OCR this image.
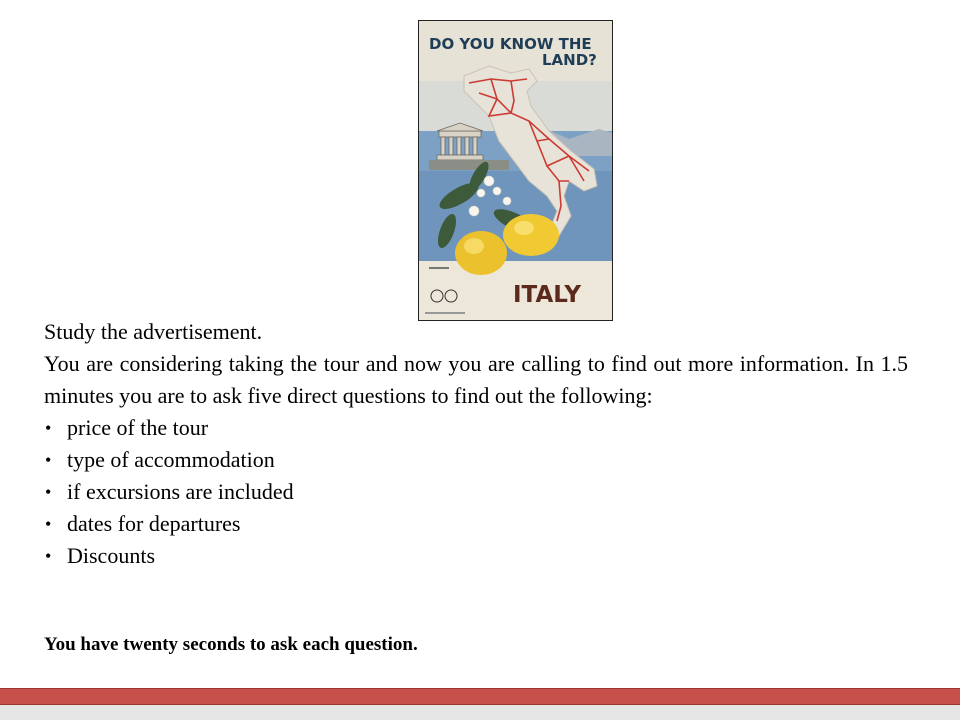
DO YOU KNOW THE
LAND?
ITALY

Study the advertisement.

You are considering taking the tour and now you are calling to find out more information. In 1.5 minutes you are to ask five direct questions to find out the following:

• price of the tour
• type of accommodation
• if excursions are included
• dates for departures
• Discounts
You have twenty seconds to ask each question.
